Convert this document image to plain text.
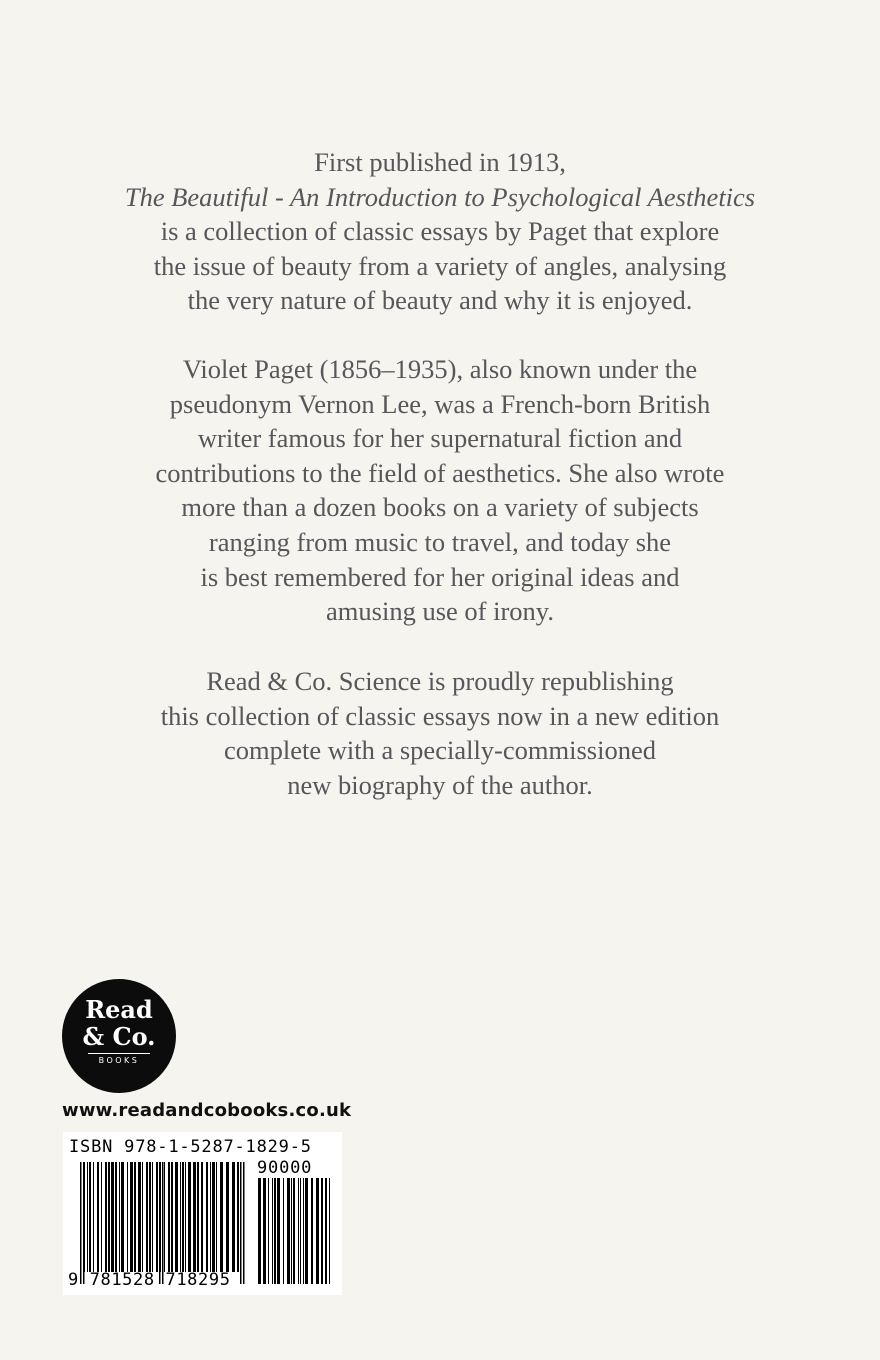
First published in 1913,
The Beautiful - An Introduction to Psychological Aesthetics
is a collection of classic essays by Paget that explore
the issue of beauty from a variety of angles, analysing
the very nature of beauty and why it is enjoyed.
Violet Paget (1856–1935), also known under the
pseudonym Vernon Lee, was a French-born British
writer famous for her supernatural fiction and
contributions to the field of aesthetics. She also wrote
more than a dozen books on a variety of subjects
ranging from music to travel, and today she
is best remembered for her original ideas and
amusing use of irony.
Read & Co. Science is proudly republishing
this collection of classic essays now in a new edition
complete with a specially-commissioned
new biography of the author.
Read
& Co.
BOOKS
www.readandcobooks.co.uk
ISBN 978-1-5287-1829-5
90000
9 781528 718295
